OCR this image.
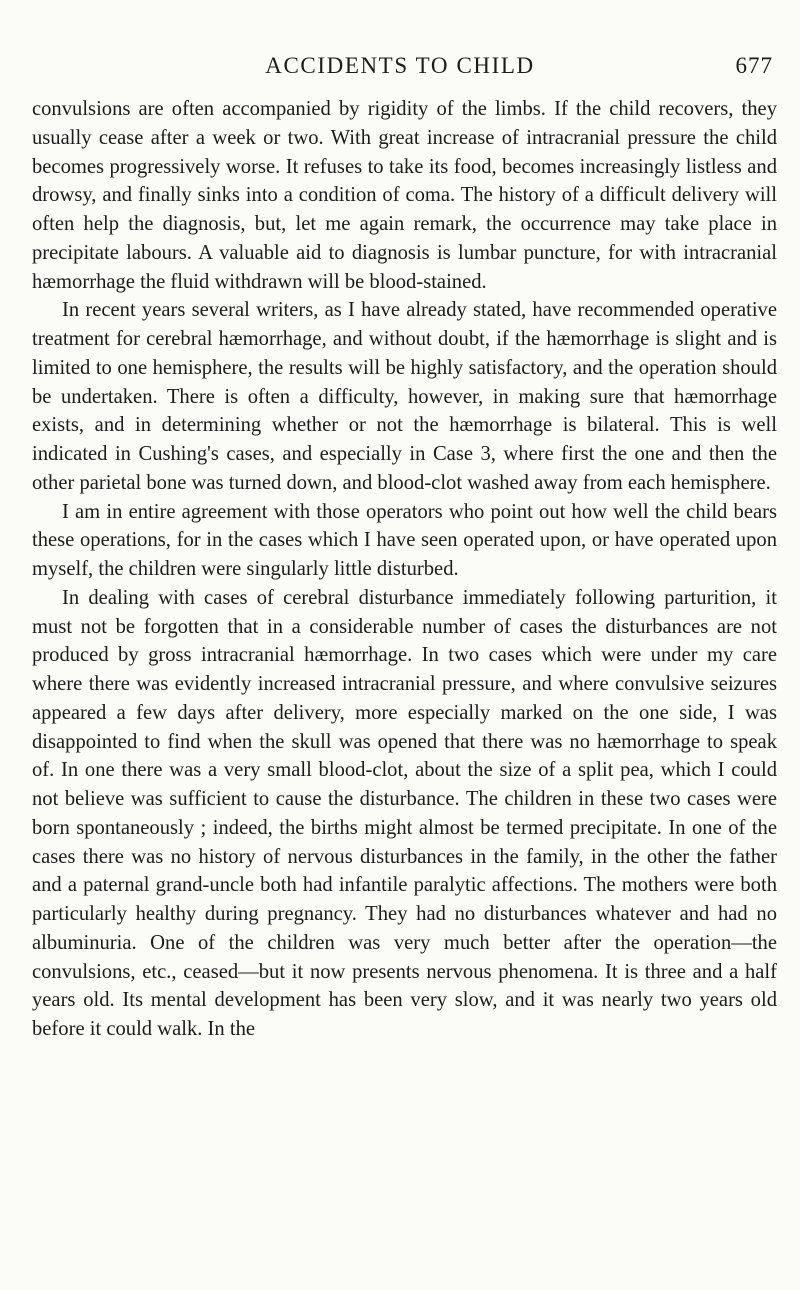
ACCIDENTS TO CHILD	677

convulsions are often accompanied by rigidity of the limbs. If the child recovers, they usually cease after a week or two. With great increase of intracranial pressure the child becomes progressively worse. It refuses to take its food, becomes increasingly listless and drowsy, and finally sinks into a condition of coma. The history of a difficult delivery will often help the diagnosis, but, let me again remark, the occurrence may take place in precipitate labours. A valuable aid to diagnosis is lumbar puncture, for with intracranial hæmorrhage the fluid withdrawn will be blood-stained.

In recent years several writers, as I have already stated, have recommended operative treatment for cerebral hæmorrhage, and without doubt, if the hæmorrhage is slight and is limited to one hemisphere, the results will be highly satisfactory, and the operation should be undertaken. There is often a difficulty, however, in making sure that hæmorrhage exists, and in determining whether or not the hæmorrhage is bilateral. This is well indicated in Cushing's cases, and especially in Case 3, where first the one and then the other parietal bone was turned down, and blood-clot washed away from each hemisphere.

I am in entire agreement with those operators who point out how well the child bears these operations, for in the cases which I have seen operated upon, or have operated upon myself, the children were singularly little disturbed.

In dealing with cases of cerebral disturbance immediately following parturition, it must not be forgotten that in a considerable number of cases the disturbances are not produced by gross intracranial hæmorrhage. In two cases which were under my care where there was evidently increased intracranial pressure, and where convulsive seizures appeared a few days after delivery, more especially marked on the one side, I was disappointed to find when the skull was opened that there was no hæmorrhage to speak of. In one there was a very small blood-clot, about the size of a split pea, which I could not believe was sufficient to cause the disturbance. The children in these two cases were born spontaneously ; indeed, the births might almost be termed precipitate. In one of the cases there was no history of nervous disturbances in the family, in the other the father and a paternal grand-uncle both had infantile paralytic affections. The mothers were both particularly healthy during pregnancy. They had no disturbances whatever and had no albuminuria. One of the children was very much better after the operation—the convulsions, etc., ceased—but it now presents nervous phenomena. It is three and a half years old. Its mental development has been very slow, and it was nearly two years old before it could walk. In the
